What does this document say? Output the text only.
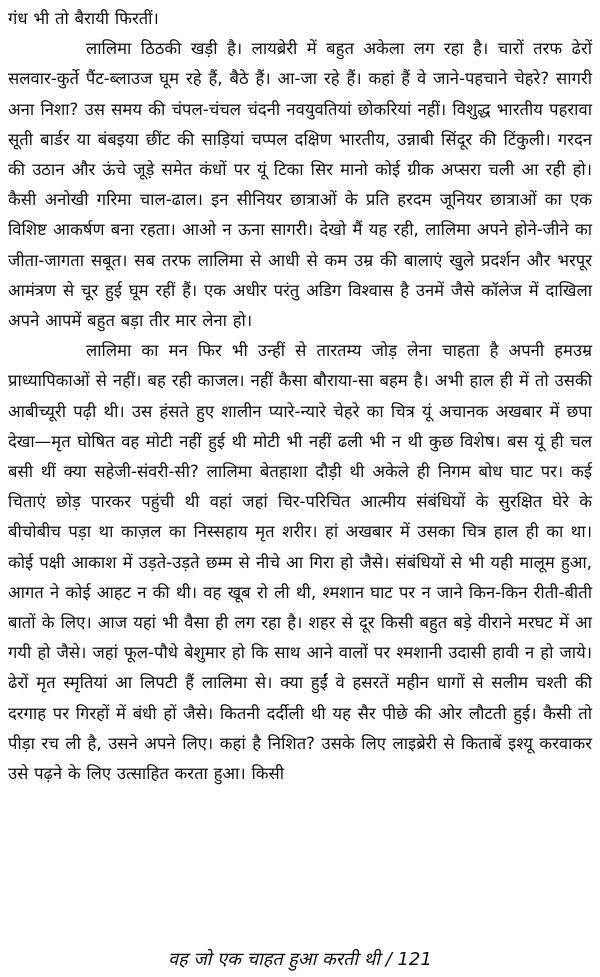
गंध भी तो बैरायी फिरतीं।

लालिमा ठिठकी खड़ी है। लायब्रेरी में बहुत अकेला लग रहा है। चारों तरफ ढेरों सलवार-कुर्ते पैंट-ब्लाउज घूम रहे हैं, बैठे हैं। आ-जा रहे हैं। कहां हैं वे जाने-पहचाने चेहरे? सागरी अना निशा? उस समय की चंपल-चंचल चंदनी नवयुवतियां छोकरियां नहीं। विशुद्ध भारतीय पहरावा सूती बार्डर या बंबइया छींट की साड़ियां चप्पल दक्षिण भारतीय, उन्नाबी सिंदूर की टिंकुली। गरदन की उठान और ऊंचे जूड़े समेत कंधों पर यूं टिका सिर मानो कोई ग्रीक अप्सरा चली आ रही हो। कैसी अनोखी गरिमा चाल-ढाल। इन सीनियर छात्राओं के प्रति हरदम जूनियर छात्राओं का एक विशिष्ट आकर्षण बना रहता। आओ न ऊना सागरी। देखो मैं यह रही, लालिमा अपने होने-जीने का जीता-जागता सबूत। सब तरफ लालिमा से आधी से कम उम्र की बालाएं खुले प्रदर्शन और भरपूर आमंत्रण से चूर हुई घूम रहीं हैं। एक अधीर परंतु अडिग विश्वास है उनमें जैसे कॉलेज में दाखिला अपने आपमें बहुत बड़ा तीर मार लेना हो।

लालिमा का मन फिर भी उन्हीं से तारतम्य जोड़ लेना चाहता है अपनी हमउम्र प्राध्यापिकाओं से नहीं। बह रही काजल। नहीं कैसा बौराया-सा बहम है। अभी हाल ही में तो उसकी आबीच्यूरी पढ़ी थी। उस हंसते हुए शालीन प्यारे-न्यारे चेहरे का चित्र यूं अचानक अखबार में छपा देखा—मृत घोषित वह मोटी नहीं हुई थी मोटी भी नहीं ढली भी न थी कुछ विशेष। बस यूं ही चल बसी थीं क्या सहेजी-संवरी-सी? लालिमा बेतहाशा दौड़ी थी अकेले ही निगम बोध घाट पर। कई चिताएं छोड़ पारकर पहुंची थी वहां जहां चिर-परिचित आत्मीय संबंधियों के सुरक्षित घेरे के बीचोबीच पड़ा था काज़ल का निस्सहाय मृत शरीर। हां अखबार में उसका चित्र हाल ही का था। कोई पक्षी आकाश में उड़ते-उड़ते छम्म से नीचे आ गिरा हो जैसे। संबंधियों से भी यही मालूम हुआ, आगत ने कोई आहट न की थी। वह खूब रो ली थी, श्मशान घाट पर न जाने किन-किन रीती-बीती बातों के लिए। आज यहां भी वैसा ही लग रहा है। शहर से दूर किसी बहुत बड़े वीराने मरघट में आ गयी हो जैसे। जहां फूल-पौधे बेशुमार हो कि साथ आने वालों पर श्मशानी उदासी हावी न हो जाये। ढेरों मृत स्मृतियां आ लिपटी हैं लालिमा से। क्या हुईं वे हसरतें महीन धागों से सलीम चश्ती की दरगाह पर गिरहों में बंधी हों जैसे। कितनी दर्दीली थी यह सैर पीछे की ओर लौटती हुई। कैसी तो पीड़ा रच ली है, उसने अपने लिए। कहां है निशित? उसके लिए लाइब्रेरी से किताबें इश्यू करवाकर उसे पढ़ने के लिए उत्साहित करता हुआ। किसी

वह जो एक चाहत हुआ करती थी / 121
